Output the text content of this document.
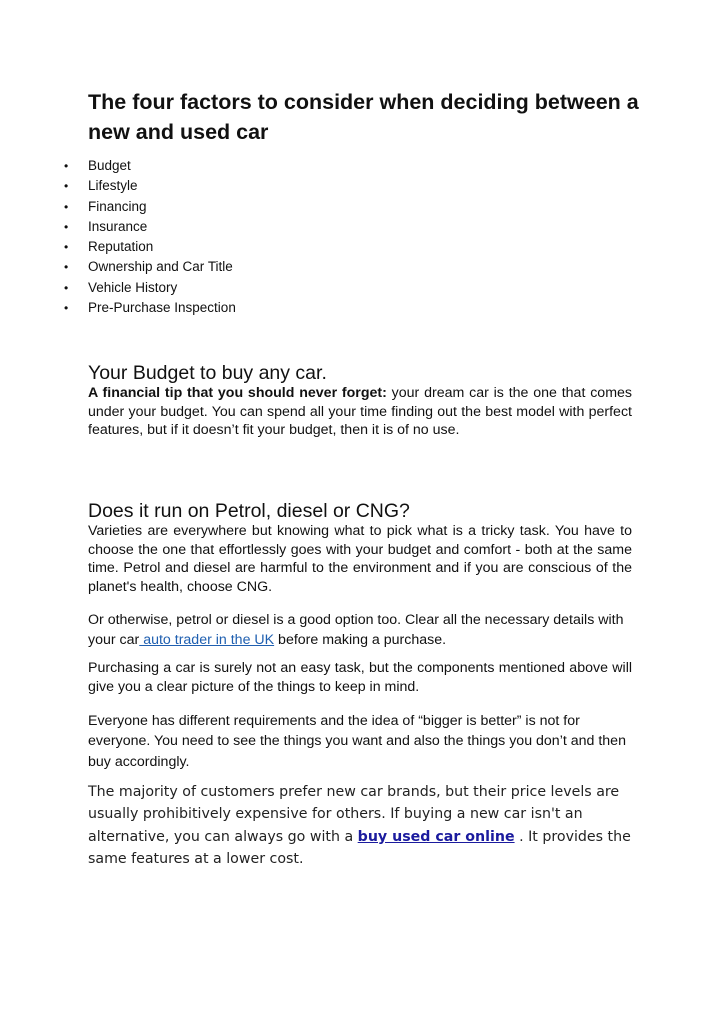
The four factors to consider when deciding between a new and used car
• Budget
• Lifestyle
• Financing
• Insurance
• Reputation
• Ownership and Car Title
• Vehicle History
• Pre-Purchase Inspection
Your Budget to buy any car.

A financial tip that you should never forget: your dream car is the one that comes under your budget. You can spend all your time finding out the best model with perfect features, but if it doesn’t fit your budget, then it is of no use.

Does it run on Petrol, diesel or CNG?

Varieties are everywhere but knowing what to pick what is a tricky task. You have to choose the one that effortlessly goes with your budget and comfort - both at the same time. Petrol and diesel are harmful to the environment and if you are conscious of the planet's health, choose CNG.

Or otherwise, petrol or diesel is a good option too. Clear all the necessary details with your car auto trader in the UK before making a purchase.

Purchasing a car is surely not an easy task, but the components mentioned above will give you a clear picture of the things to keep in mind.

Everyone has different requirements and the idea of “bigger is better” is not for everyone. You need to see the things you want and also the things you don’t and then buy accordingly.

The majority of customers prefer new car brands, but their price levels are usually prohibitively expensive for others. If buying a new car isn't an alternative, you can always go with a buy used car online . It provides the same features at a lower cost.
